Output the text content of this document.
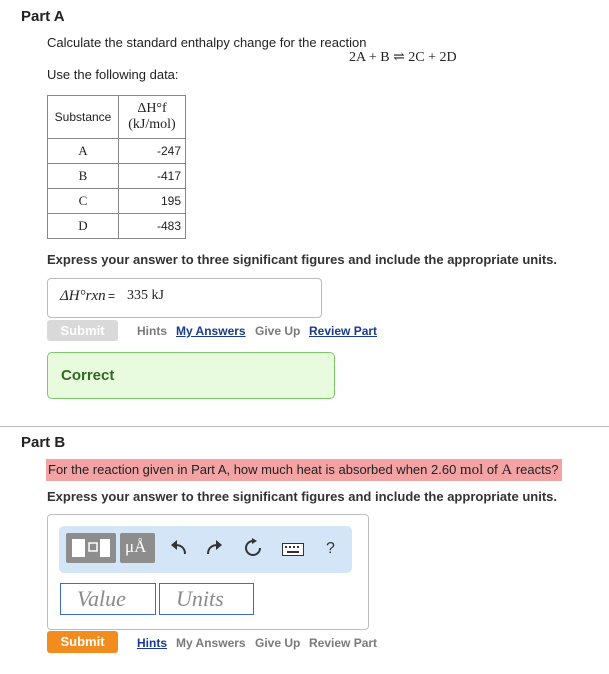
Part A
Calculate the standard enthalpy change for the reaction
2A + B ⇌ 2C + 2D
Use the following data:
Substance	ΔH°f
(kJ/mol)

A	-247
B	-417
C	195
D	-483
Express your answer to three significant figures and include the appropriate units.
ΔH°rxn = 335 kJ
Submit	Hints My Answers Give Up Review Part
Correct
Part B
For the reaction given in Part A, how much heat is absorbed when 2.60 mol of A reacts?
Express your answer to three significant figures and include the appropriate units.
μÅ	?
Value	Units
Submit	Hints My Answers Give Up Review Part
